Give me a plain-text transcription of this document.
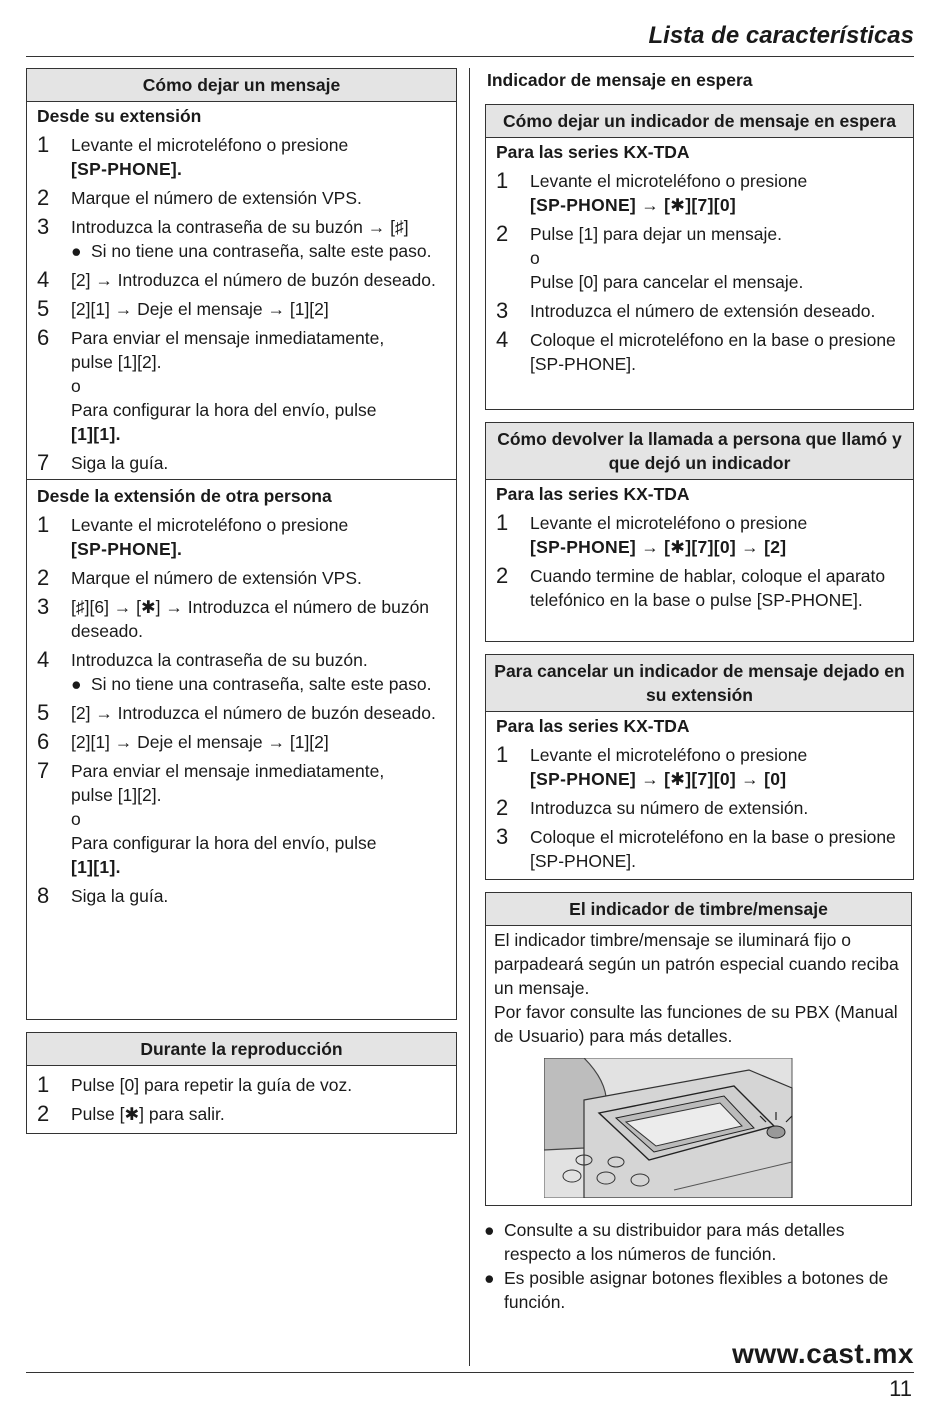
Lista de características
Cómo dejar un mensaje
Desde su extensión
1	Levante el microteléfono o presione

[SP-PHONE].

2	Marque el número de extensión VPS.
3	Introduzca la contraseña de su buzón → [♯]

● Si no tiene una contraseña, salte este paso.
4	[2] → Introduzca el número de buzón deseado.
5	[2][1] → Deje el mensaje → [1][2]
6	Para enviar el mensaje inmediatamente,

pulse [1][2].

o

Para configurar la hora del envío, pulse

[1][1].

7	Siga la guía.
Desde la extensión de otra persona
1	Levante el microteléfono o presione

[SP-PHONE].

2	Marque el número de extensión VPS.
3	[♯][6] → [✱] → Introduzca el número de buzón deseado.
4	Introduzca la contraseña de su buzón.

● Si no tiene una contraseña, salte este paso.
5	[2] → Introduzca el número de buzón deseado.
6	[2][1] → Deje el mensaje → [1][2]
7	Para enviar el mensaje inmediatamente,

pulse [1][2].

o

Para configurar la hora del envío, pulse

[1][1].

8	Siga la guía.
Durante la reproducción
1	Pulse [0] para repetir la guía de voz.
2	Pulse [✱] para salir.
Indicador de mensaje en espera
Cómo dejar un indicador de mensaje en espera
Para las series KX-TDA
1	Levante el microteléfono o presione

[SP-PHONE] → [✱][7][0]

2	Pulse [1] para dejar un mensaje.

o

Pulse [0] para cancelar el mensaje.

3	Introduzca el número de extensión deseado.
4	Coloque el microteléfono en la base o presione [SP-PHONE].
Cómo devolver la llamada a persona que llamó y que dejó un indicador
Para las series KX-TDA
1	Levante el microteléfono o presione

[SP-PHONE] → [✱][7][0] → [2]

2	Cuando termine de hablar, coloque el aparato telefónico en la base o pulse [SP-PHONE].
Para cancelar un indicador de mensaje dejado en su extensión
Para las series KX-TDA
1	Levante el microteléfono o presione

[SP-PHONE] → [✱][7][0] → [0]

2	Introduzca su número de extensión.
3	Coloque el microteléfono en la base o presione [SP-PHONE].
El indicador de timbre/mensaje

El indicador timbre/mensaje se iluminará fijo o parpadeará según un patrón especial cuando reciba un mensaje.

Por favor consulte las funciones de su PBX (Manual de Usuario) para más detalles.

● Consulte a su distribuidor para más detalles respecto a los números de función.
● Es posible asignar botones flexibles a botones de función.
www.cast.mx
11
